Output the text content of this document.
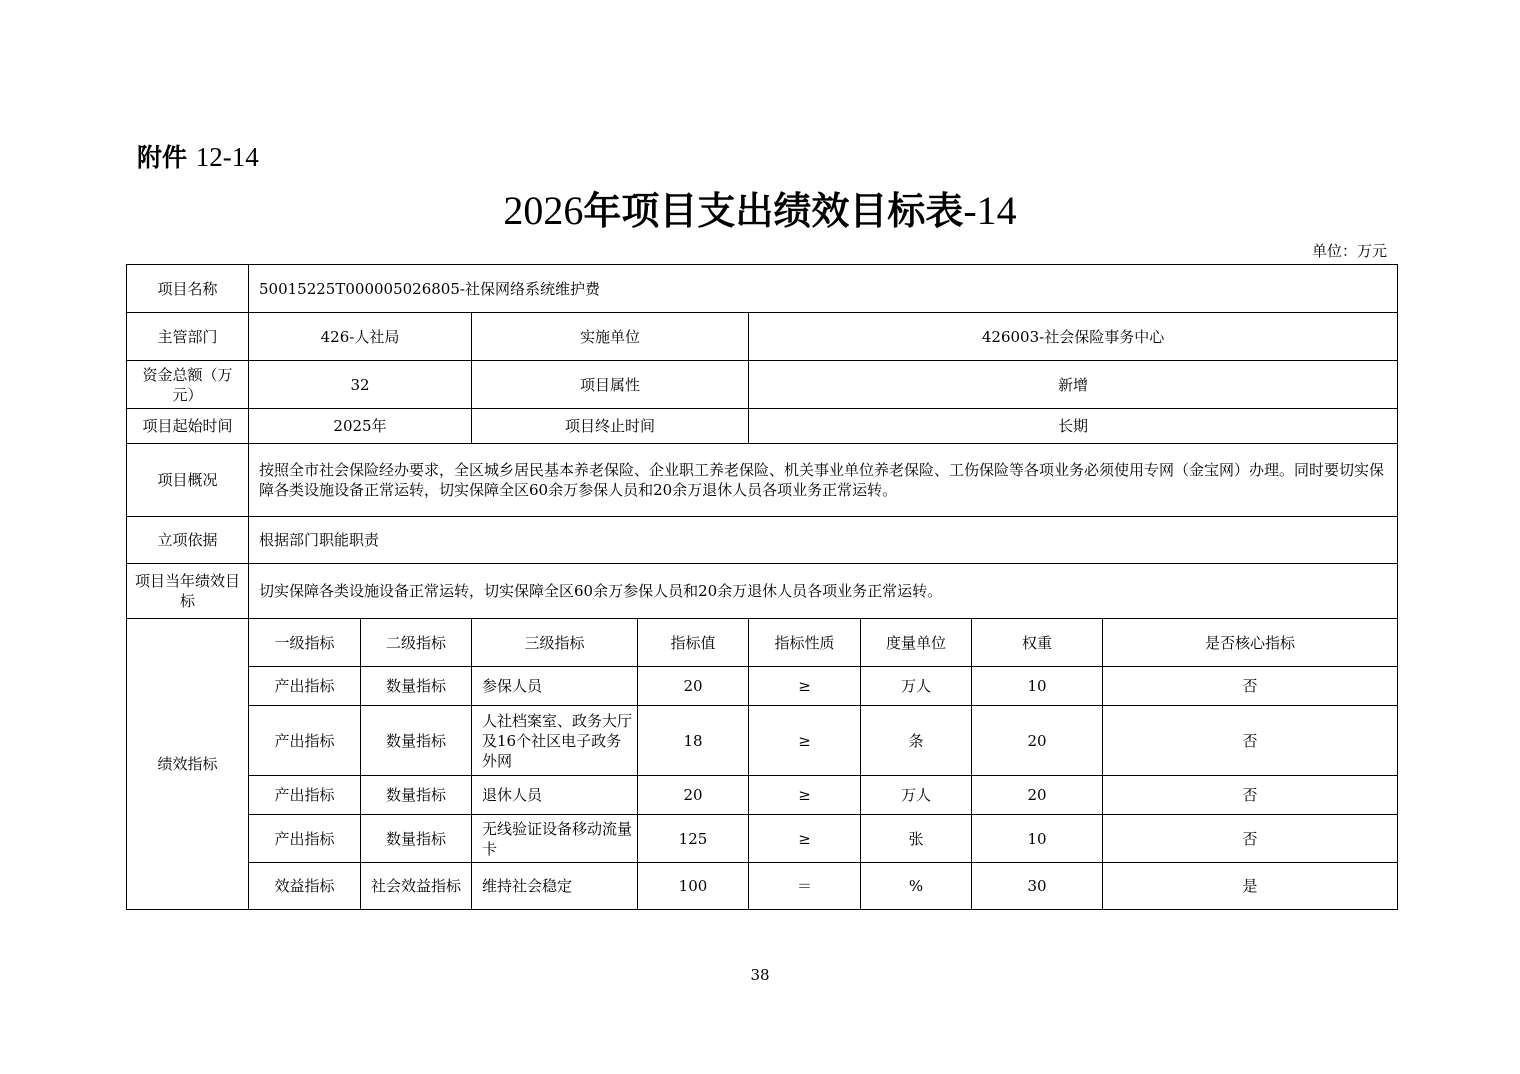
附件 12-14
2026年项目支出绩效目标表-14
单位：万元
项目名称	50015225T000005026805-社保网络系统维护费							
主管部门	426-人社局		实施单位		426003-社会保险事务中心			
资金总额（万元）	32		项目属性		新增			
项目起始时间	2025年		项目终止时间		长期			
项目概况	按照全市社会保险经办要求，全区城乡居民基本养老保险、企业职工养老保险、机关事业单位养老保险、工伤保险等各项业务必须使用专网（金宝网）办理。同时要切实保障各类设施设备正常运转，切实保障全区60余万参保人员和20余万退休人员各项业务正常运转。							
立项依据	根据部门职能职责							
项目当年绩效目标	切实保障各类设施设备正常运转，切实保障全区60余万参保人员和20余万退休人员各项业务正常运转。							
绩效指标	一级指标	二级指标	三级指标	指标值	指标性质	度量单位	权重	是否核心指标
	产出指标	数量指标	参保人员	20	≥	万人	10	否
	产出指标	数量指标	人社档案室、政务大厅及16个社区电子政务外网	18	≥	条	20	否
	产出指标	数量指标	退休人员	20	≥	万人	20	否
	产出指标	数量指标	无线验证设备移动流量卡	125	≥	张	10	否
	效益指标	社会效益指标	维持社会稳定	100	＝	%	30	是
38
